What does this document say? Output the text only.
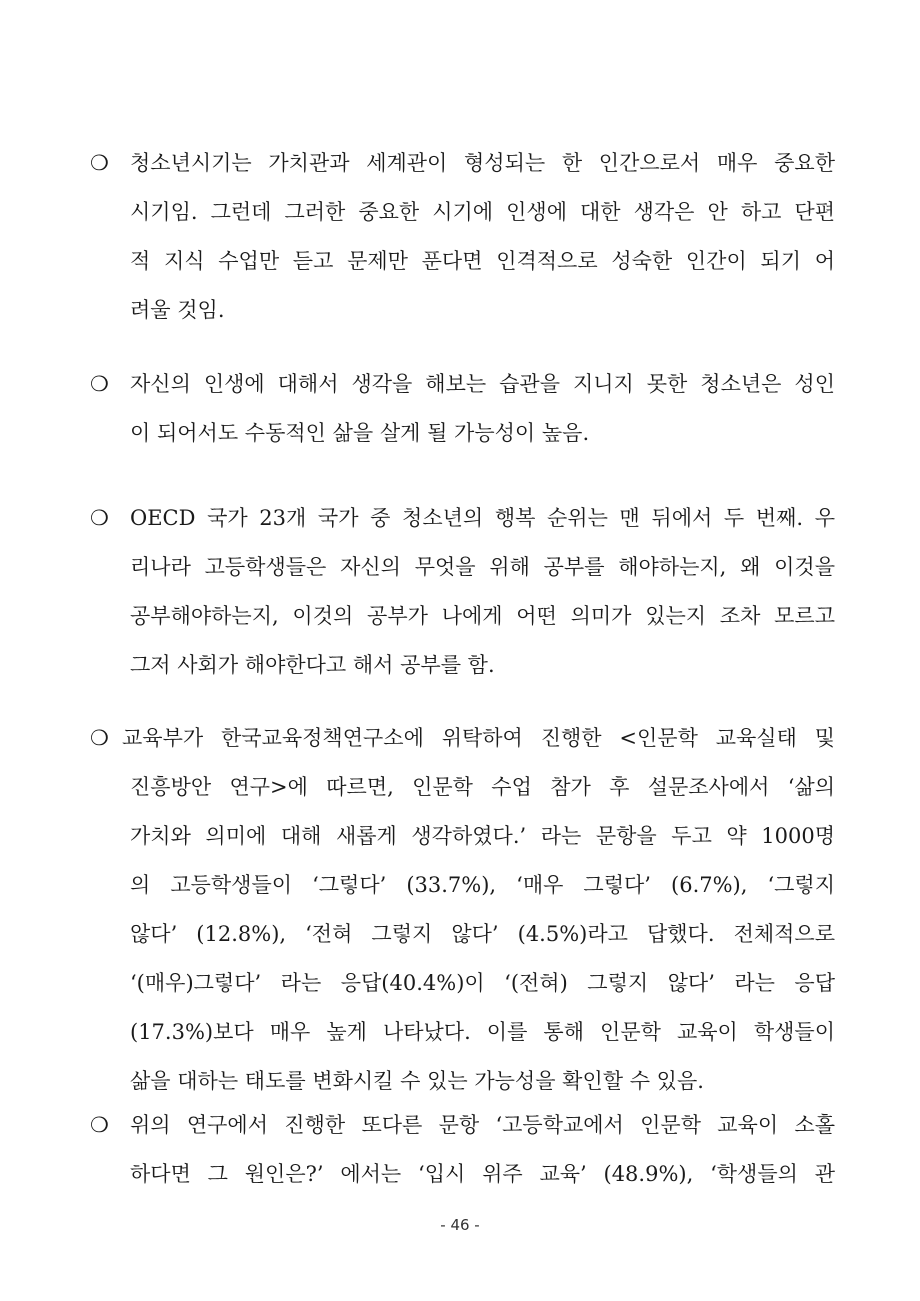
❍ 청소년시기는 가치관과 세계관이 형성되는 한 인간으로서 매우 중요한
시기임. 그런데 그러한 중요한 시기에 인생에 대한 생각은 안 하고 단편
적 지식 수업만 듣고 문제만 푼다면 인격적으로 성숙한 인간이 되기 어
려울 것임.
❍ 자신의 인생에 대해서 생각을 해보는 습관을 지니지 못한 청소년은 성인
이 되어서도 수동적인 삶을 살게 될 가능성이 높음.
❍ OECD 국가 23개 국가 중 청소년의 행복 순위는 맨 뒤에서 두 번째. 우
리나라 고등학생들은 자신의 무엇을 위해 공부를 해야하는지, 왜 이것을
공부해야하는지, 이것의 공부가 나에게 어떤 의미가 있는지 조차 모르고
그저 사회가 해야한다고 해서 공부를 함.
❍ 교육부가 한국교육정책연구소에 위탁하여 진행한 <인문학 교육실태 및
진흥방안 연구>에 따르면, 인문학 수업 참가 후 설문조사에서 ‘삶의
가치와 의미에 대해 새롭게 생각하였다.’ 라는 문항을 두고 약 1000명
의 고등학생들이 ‘그렇다’ (33.7%), ‘매우 그렇다’ (6.7%), ‘그렇지
않다’ (12.8%), ‘전혀 그렇지 않다’ (4.5%)라고 답했다. 전체적으로
‘(매우)그렇다’ 라는 응답(40.4%)이 ‘(전혀) 그렇지 않다’ 라는 응답
(17.3%)보다 매우 높게 나타났다. 이를 통해 인문학 교육이 학생들이
삶을 대하는 태도를 변화시킬 수 있는 가능성을 확인할 수 있음.
❍ 위의 연구에서 진행한 또다른 문항 ‘고등학교에서 인문학 교육이 소홀
하다면 그 원인은?’ 에서는 ‘입시 위주 교육’ (48.9%), ‘학생들의 관
- 46 -
